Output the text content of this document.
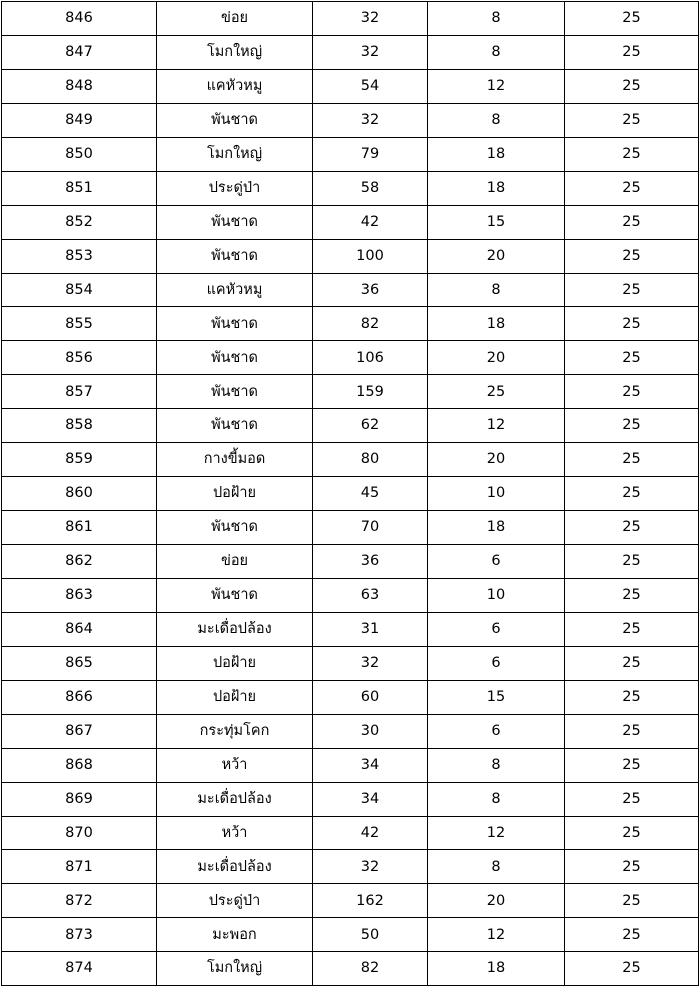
846	ข่อย	32	8	25
847	โมกใหญ่	32	8	25
848	แคหัวหมู	54	12	25
849	พันชาด	32	8	25
850	โมกใหญ่	79	18	25
851	ประดู่ป่า	58	18	25
852	พันชาด	42	15	25
853	พันชาด	100	20	25
854	แคหัวหมู	36	8	25
855	พันชาด	82	18	25
856	พันชาด	106	20	25
857	พันชาด	159	25	25
858	พันชาด	62	12	25
859	กางขี้มอด	80	20	25
860	ปอฝ้าย	45	10	25
861	พันชาด	70	18	25
862	ข่อย	36	6	25
863	พันชาด	63	10	25
864	มะเดื่อปล้อง	31	6	25
865	ปอฝ้าย	32	6	25
866	ปอฝ้าย	60	15	25
867	กระทุ่มโคก	30	6	25
868	หว้า	34	8	25
869	มะเดื่อปล้อง	34	8	25
870	หว้า	42	12	25
871	มะเดื่อปล้อง	32	8	25
872	ประดู่ป่า	162	20	25
873	มะพอก	50	12	25
874	โมกใหญ่	82	18	25
